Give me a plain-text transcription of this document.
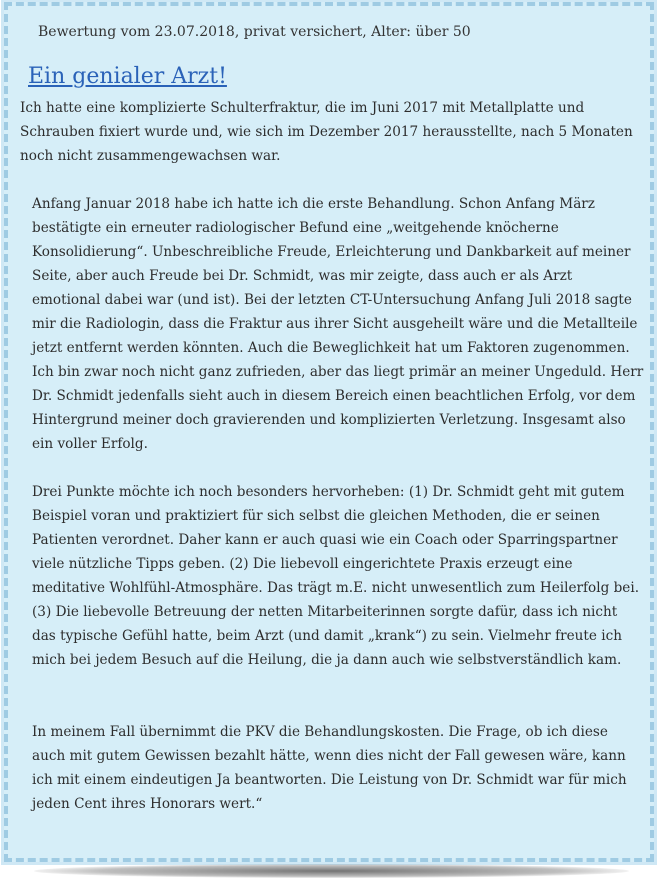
Bewertung vom 23.07.2018, privat versichert, Alter: über 50
Ein genialer Arzt!

Ich hatte eine komplizierte Schulterfraktur, die im Juni 2017 mit Metallplatte und Schrauben fixiert wurde und, wie sich im Dezember 2017 herausstellte, nach 5 Monaten noch nicht zusammengewachsen war.

Anfang Januar 2018 habe ich hatte ich die erste Behandlung. Schon Anfang März bestätigte ein erneuter radiologischer Befund eine „weitgehende knöcherne Konsolidierung“. Unbeschreibliche Freude, Erleichterung und Dankbarkeit auf meiner Seite, aber auch Freude bei Dr. Schmidt, was mir zeigte, dass auch er als Arzt emotional dabei war (und ist). Bei der letzten CT-Untersuchung Anfang Juli 2018 sagte mir die Radiologin, dass die Fraktur aus ihrer Sicht ausgeheilt wäre und die Metallteile jetzt entfernt werden könnten. Auch die Beweglichkeit hat um Faktoren zugenommen. Ich bin zwar noch nicht ganz zufrieden, aber das liegt primär an meiner Ungeduld. Herr Dr. Schmidt jedenfalls sieht auch in diesem Bereich einen beachtlichen Erfolg, vor dem Hintergrund meiner doch gravierenden und komplizierten Verletzung. Insgesamt also ein voller Erfolg.

Drei Punkte möchte ich noch besonders hervorheben: (1) Dr. Schmidt geht mit gutem Beispiel voran und praktiziert für sich selbst die gleichen Methoden, die er seinen Patienten verordnet. Daher kann er auch quasi wie ein Coach oder Sparringspartner viele nützliche Tipps geben. (2) Die liebevoll eingerichtete Praxis erzeugt eine meditative Wohlfühl-Atmosphäre. Das trägt m.E. nicht unwesentlich zum Heilerfolg bei. (3) Die liebevolle Betreuung der netten Mitarbeiterinnen sorgte dafür, dass ich nicht das typische Gefühl hatte, beim Arzt (und damit „krank“) zu sein. Vielmehr freute ich mich bei jedem Besuch auf die Heilung, die ja dann auch wie selbstverständlich kam.

In meinem Fall übernimmt die PKV die Behandlungskosten. Die Frage, ob ich diese auch mit gutem Gewissen bezahlt hätte, wenn dies nicht der Fall gewesen wäre, kann ich mit einem eindeutigen Ja beantworten. Die Leistung von Dr. Schmidt war für mich jeden Cent ihres Honorars wert.“
